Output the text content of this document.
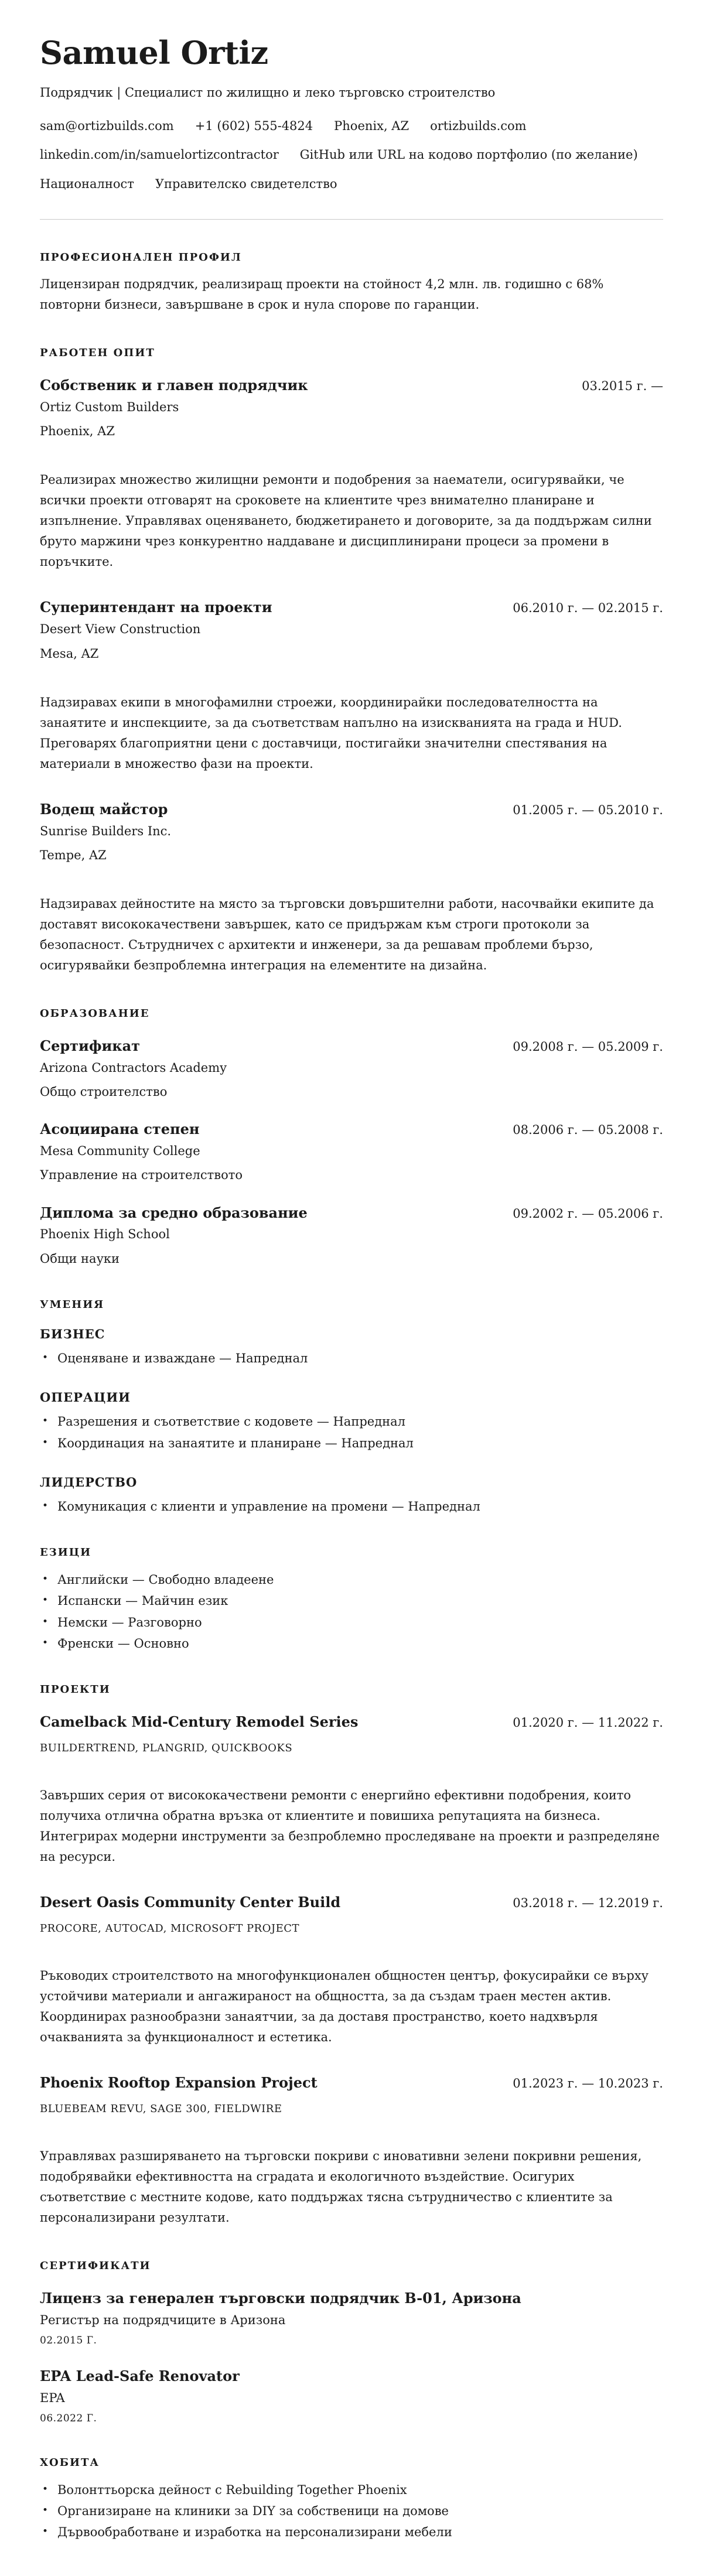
Samuel Ortiz
Подрядчик | Специалист по жилищно и леко търговско строителство
sam@ortizbuilds.com +1 (602) 555-4824 Phoenix, AZ ortizbuilds.com
linkedin.com/in/samuelortizcontractor GitHub или URL на кодово портфолио (по желание)
Националност Управителско свидетелство
ПРОФЕСИОНАЛЕН ПРОФИЛ

Лицензиран подрядчик, реализиращ проекти на стойност 4,2 млн. лв. годишно с 68% повторни бизнеси, завършване в срок и нула спорове по гаранции.

РАБОТЕН ОПИТ
Собственик и главен подрядчик	03.2015 г. —
Ortiz Custom Builders
Phoenix, AZ

Реализирах множество жилищни ремонти и подобрения за наематели, осигурявайки, че всички проекти отговарят на сроковете на клиентите чрез внимателно планиране и изпълнение. Управлявах оценяването, бюджетирането и договорите, за да поддържам силни бруто маржини чрез конкурентно наддаване и дисциплинирани процеси за промени в поръчките.

Суперинтендант на проекти	06.2010 г. — 02.2015 г.
Desert View Construction
Mesa, AZ

Надзиравах екипи в многофамилни строежи, координирайки последователността на занаятите и инспекциите, за да съответствам напълно на изискванията на града и HUD. Преговарях благоприятни цени с доставчици, постигайки значителни спестявания на материали в множество фази на проекти.

Водещ майстор	01.2005 г. — 05.2010 г.
Sunrise Builders Inc.
Tempe, AZ

Надзиравах дейностите на място за търговски довършителни работи, насочвайки екипите да доставят висококачествени завършек, като се придържам към строги протоколи за безопасност. Сътрудничех с архитекти и инженери, за да решавам проблеми бързо, осигурявайки безпроблемна интеграция на елементите на дизайна.

ОБРАЗОВАНИЕ
Сертификат	09.2008 г. — 05.2009 г.
Arizona Contractors Academy
Общо строителство
Асоциирана степен	08.2006 г. — 05.2008 г.
Mesa Community College
Управление на строителството
Диплома за средно образование	09.2002 г. — 05.2006 г.
Phoenix High School
Общи науки
УМЕНИЯ
БИЗНЕС
• Оценяване и изваждане — Напреднал
ОПЕРАЦИИ
• Разрешения и съответствие с кодовете — Напреднал
• Координация на занаятите и планиране — Напреднал
ЛИДЕРСТВО
• Комуникация с клиенти и управление на промени — Напреднал
ЕЗИЦИ
• Английски — Свободно владеене
• Испански — Майчин език
• Немски — Разговорно
• Френски — Основно
ПРОЕКТИ
Camelback Mid-Century Remodel Series	01.2020 г. — 11.2022 г.
BUILDERTREND, PLANGRID, QUICKBOOKS

Завърших серия от висококачествени ремонти с енергийно ефективни подобрения, които получиха отлична обратна връзка от клиентите и повишиха репутацията на бизнеса. Интегрирах модерни инструменти за безпроблемно проследяване на проекти и разпределяне на ресурси.

Desert Oasis Community Center Build	03.2018 г. — 12.2019 г.
PROCORE, AUTOCAD, MICROSOFT PROJECT

Ръководих строителството на многофункционален общностен център, фокусирайки се върху устойчиви материали и ангажираност на общността, за да създам траен местен актив. Координирах разнообразни занаятчии, за да доставя пространство, което надхвърля очакванията за функционалност и естетика.

Phoenix Rooftop Expansion Project	01.2023 г. — 10.2023 г.
BLUEBEAM REVU, SAGE 300, FIELDWIRE

Управлявах разширяването на търговски покриви с иновативни зелени покривни решения, подобрявайки ефективността на сградата и екологичното въздействие. Осигурих съответствие с местните кодове, като поддържах тясна сътрудничество с клиентите за персонализирани резултати.

СЕРТИФИКАТИ
Лиценз за генерален търговски подрядчик B-01, Аризона
Регистър на подрядчиците в Аризона
02.2015 Г.
EPA Lead-Safe Renovator
EPA
06.2022 Г.
ХОБИТА
• Волонттьорска дейност с Rebuilding Together Phoenix
• Организиране на клиники за DIY за собственици на домове
• Дървообработване и изработка на персонализирани мебели
